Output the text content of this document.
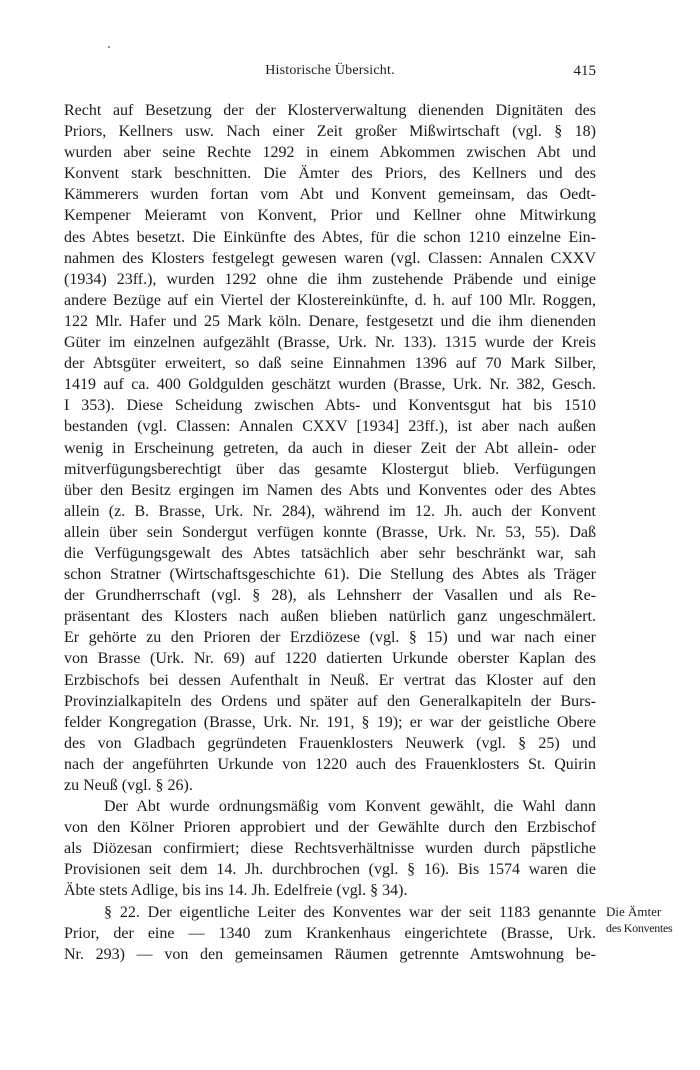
Historische Übersicht.	415
Recht auf Besetzung der der Klosterverwaltung dienenden Dignitäten des
Priors, Kellners usw. Nach einer Zeit großer Mißwirtschaft (vgl. § 18)
wurden aber seine Rechte 1292 in einem Abkommen zwischen Abt und
Konvent stark beschnitten. Die Ämter des Priors, des Kellners und des
Kämmerers wurden fortan vom Abt und Konvent gemeinsam, das Oedt-
Kempener Meieramt von Konvent, Prior und Kellner ohne Mitwirkung
des Abtes besetzt. Die Einkünfte des Abtes, für die schon 1210 einzelne Ein-
nahmen des Klosters festgelegt gewesen waren (vgl. Classen: Annalen CXXV
(1934) 23ff.), wurden 1292 ohne die ihm zustehende Präbende und einige
andere Bezüge auf ein Viertel der Klostereinkünfte, d. h. auf 100 Mlr. Roggen,
122 Mlr. Hafer und 25 Mark köln. Denare, festgesetzt und die ihm dienenden
Güter im einzelnen aufgezählt (Brasse, Urk. Nr. 133). 1315 wurde der Kreis
der Abtsgüter erweitert, so daß seine Einnahmen 1396 auf 70 Mark Silber,
1419 auf ca. 400 Goldgulden geschätzt wurden (Brasse, Urk. Nr. 382, Gesch.
I 353). Diese Scheidung zwischen Abts- und Konventsgut hat bis 1510
bestanden (vgl. Classen: Annalen CXXV [1934] 23ff.), ist aber nach außen
wenig in Erscheinung getreten, da auch in dieser Zeit der Abt allein- oder
mitverfügungsberechtigt über das gesamte Klostergut blieb. Verfügungen
über den Besitz ergingen im Namen des Abts und Konventes oder des Abtes
allein (z. B. Brasse, Urk. Nr. 284), während im 12. Jh. auch der Konvent
allein über sein Sondergut verfügen konnte (Brasse, Urk. Nr. 53, 55). Daß
die Verfügungsgewalt des Abtes tatsächlich aber sehr beschränkt war, sah
schon Stratner (Wirtschaftsgeschichte 61). Die Stellung des Abtes als Träger
der Grundherrschaft (vgl. § 28), als Lehnsherr der Vasallen und als Re-
präsentant des Klosters nach außen blieben natürlich ganz ungeschmälert.
Er gehörte zu den Prioren der Erzdiözese (vgl. § 15) und war nach einer
von Brasse (Urk. Nr. 69) auf 1220 datierten Urkunde oberster Kaplan des
Erzbischofs bei dessen Aufenthalt in Neuß. Er vertrat das Kloster auf den
Provinzialkapiteln des Ordens und später auf den Generalkapiteln der Burs-
felder Kongregation (Brasse, Urk. Nr. 191, § 19); er war der geistliche Obere
des von Gladbach gegründeten Frauenklosters Neuwerk (vgl. § 25) und
nach der angeführten Urkunde von 1220 auch des Frauenklosters St. Quirin
zu Neuß (vgl. § 26).
Der Abt wurde ordnungsmäßig vom Konvent gewählt, die Wahl dann
von den Kölner Prioren approbiert und der Gewählte durch den Erzbischof
als Diözesan confirmiert; diese Rechtsverhältnisse wurden durch päpstliche
Provisionen seit dem 14. Jh. durchbrochen (vgl. § 16). Bis 1574 waren die
Äbte stets Adlige, bis ins 14. Jh. Edelfreie (vgl. § 34).
§ 22. Der eigentliche Leiter des Konventes war der seit 1183 genannte
Prior, der eine — 1340 zum Krankenhaus eingerichtete (Brasse, Urk.
Nr. 293) — von den gemeinsamen Räumen getrennte Amtswohnung be-
Die Ämter
des Konventes
